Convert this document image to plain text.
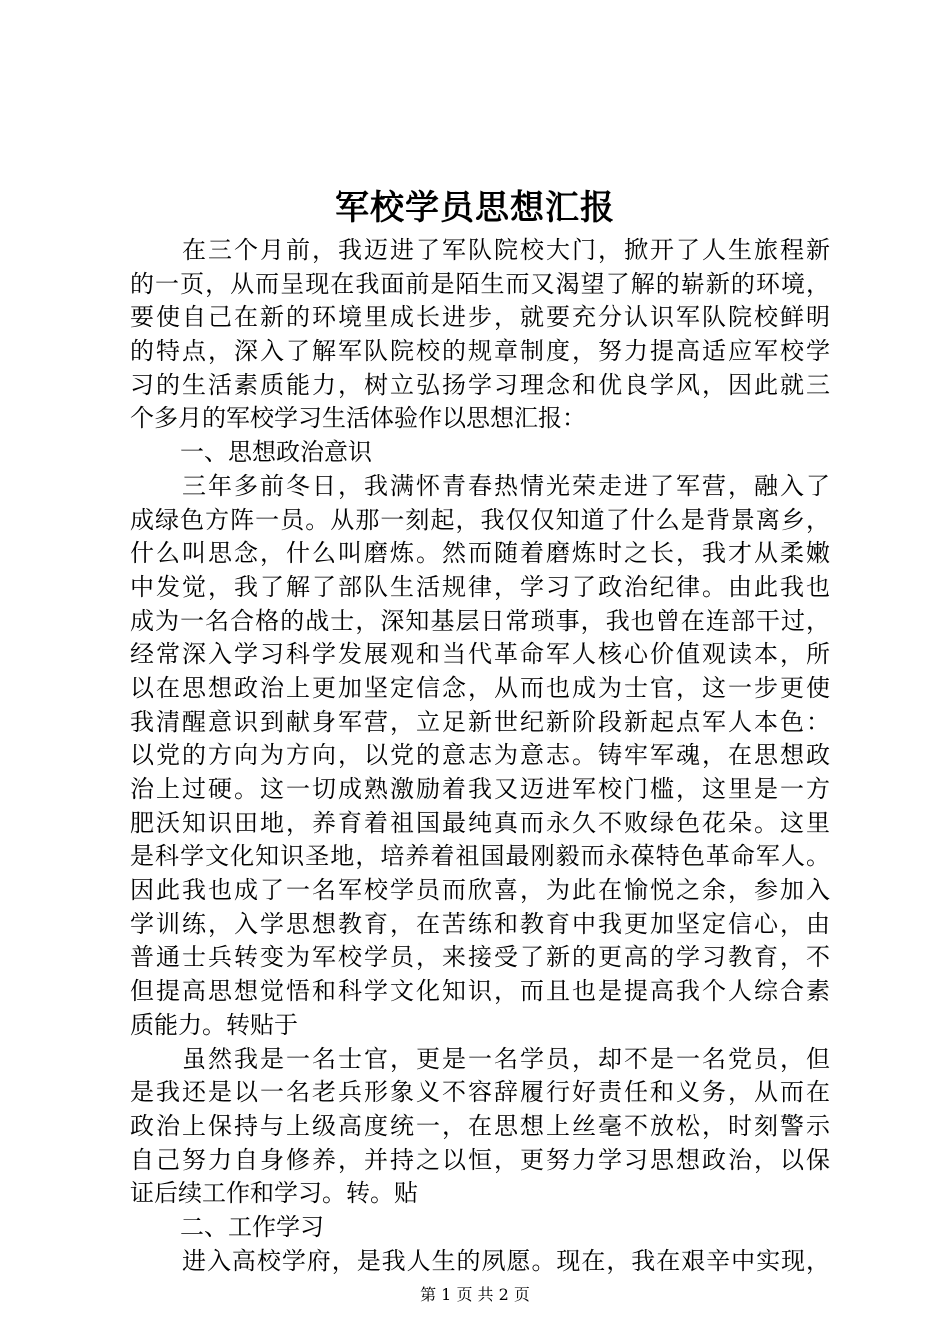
军校学员思想汇报
在三个月前，我迈进了军队院校大门，掀开了人生旅程新
的一页，从而呈现在我面前是陌生而又渴望了解的崭新的环境，
要使自己在新的环境里成长进步，就要充分认识军队院校鲜明
的特点，深入了解军队院校的规章制度，努力提高适应军校学
习的生活素质能力，树立弘扬学习理念和优良学风，因此就三
个多月的军校学习生活体验作以思想汇报：
一、思想政治意识
三年多前冬日，我满怀青春热情光荣走进了军营，融入了
成绿色方阵一员。从那一刻起，我仅仅知道了什么是背景离乡，
什么叫思念，什么叫磨炼。然而随着磨炼时之长，我才从柔嫩
中发觉，我了解了部队生活规律，学习了政治纪律。由此我也
成为一名合格的战士，深知基层日常琐事，我也曾在连部干过，
经常深入学习科学发展观和当代革命军人核心价值观读本，所
以在思想政治上更加坚定信念，从而也成为士官，这一步更使
我清醒意识到献身军营，立足新世纪新阶段新起点军人本色：
以党的方向为方向，以党的意志为意志。铸牢军魂，在思想政
治上过硬。这一切成熟激励着我又迈进军校门槛，这里是一方
肥沃知识田地，养育着祖国最纯真而永久不败绿色花朵。这里
是科学文化知识圣地，培养着祖国最刚毅而永葆特色革命军人。
因此我也成了一名军校学员而欣喜，为此在愉悦之余，参加入
学训练，入学思想教育，在苦练和教育中我更加坚定信心，由
普通士兵转变为军校学员，来接受了新的更高的学习教育，不
但提高思想觉悟和科学文化知识，而且也是提高我个人综合素
质能力。转贴于
虽然我是一名士官，更是一名学员，却不是一名党员，但
是我还是以一名老兵形象义不容辞履行好责任和义务，从而在
政治上保持与上级高度统一，在思想上丝毫不放松，时刻警示
自己努力自身修养，并持之以恒，更努力学习思想政治，以保
证后续工作和学习。转。贴
二、工作学习
进入高校学府，是我人生的夙愿。现在，我在艰辛中实现，
第 1 页 共 2 页
